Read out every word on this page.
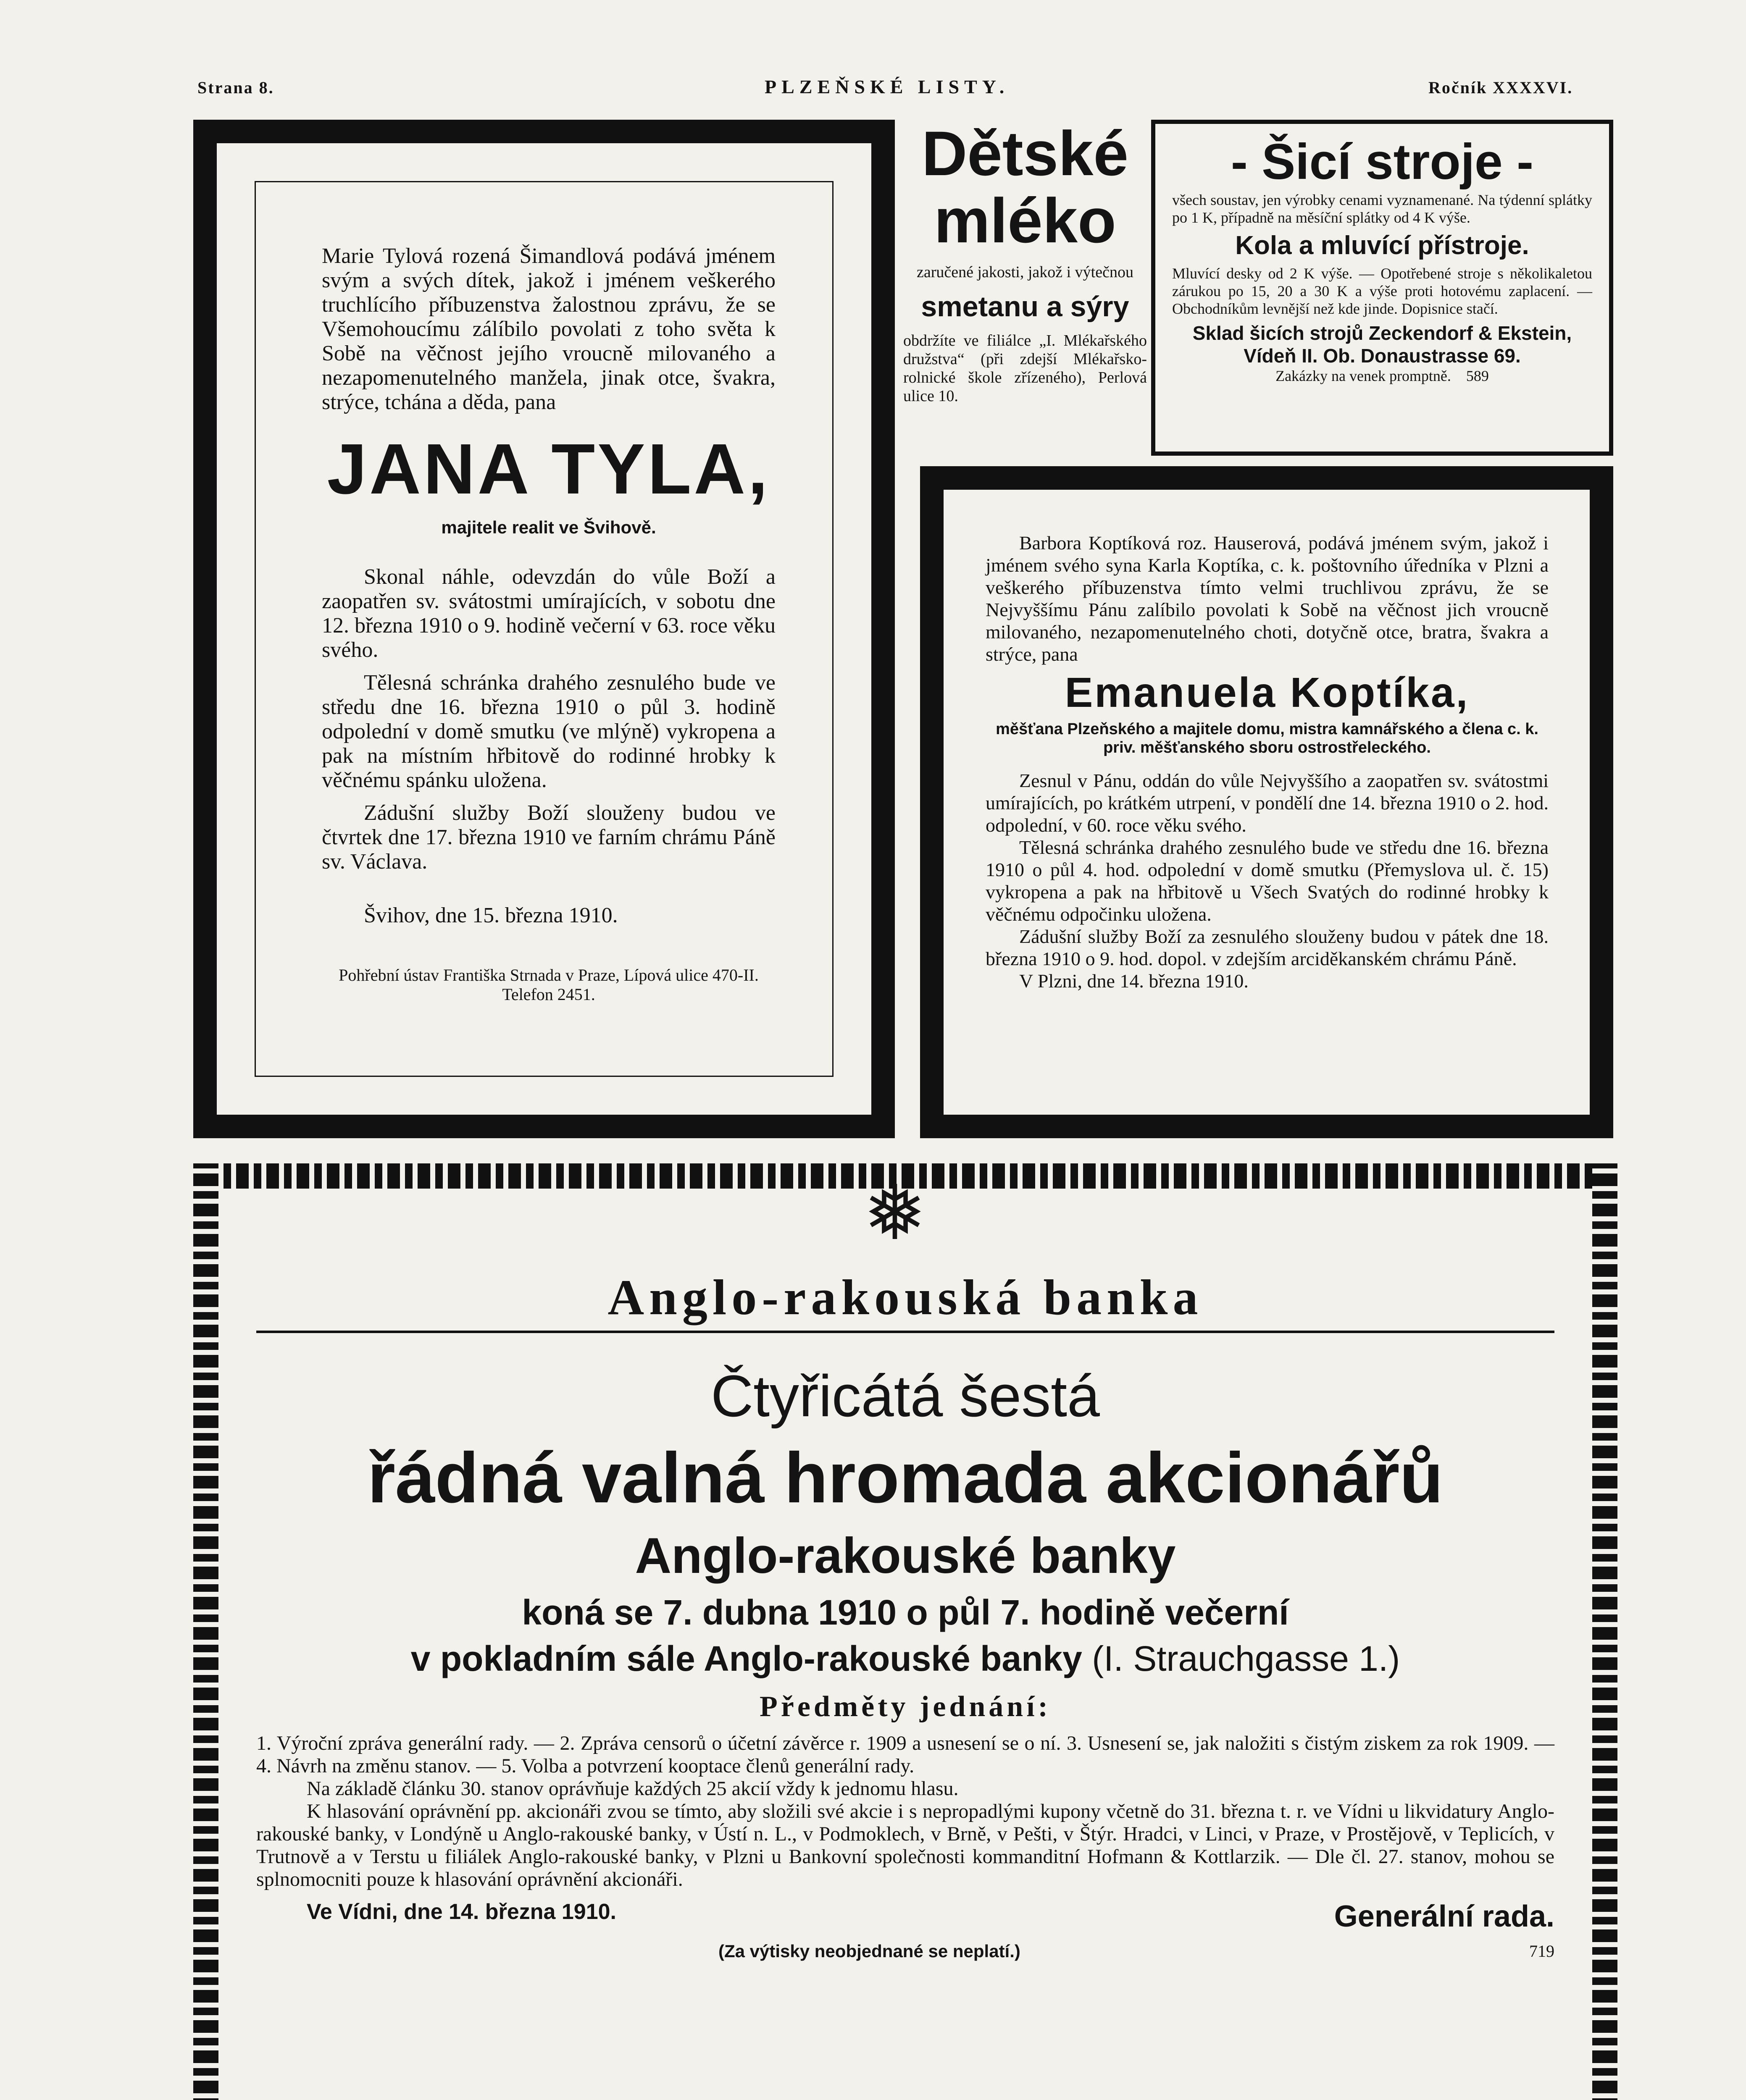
Strana 8.	PLZEŇSKÉ LISTY.	Ročník XXXXVI.

Marie Tylová rozená Šimandlová podává jménem svým a svých dítek, jakož i jménem veškerého truchlícího příbuzenstva žalostnou zprávu, že se Všemohoucímu zálíbilo povolati z toho světa k Sobě na věčnost jejího vroucně milovaného a nezapomenutelného manžela, jinak otce, švakra, strýce, tchána a děda, pana

JANA TYLA,

majitele realit ve Švihově.

Skonal náhle, odevzdán do vůle Boží a zaopatřen sv. svátostmi umírajících, v sobotu dne 12. března 1910 o 9. hodině večerní v 63. roce věku svého.

Tělesná schránka drahého zesnulého bude ve středu dne 16. března 1910 o půl 3. hodině odpolední v domě smutku (ve mlýně) vykropena a pak na místním hřbitově do rodinné hrobky k věčnému spánku uložena.

Zádušní služby Boží slouženy budou ve čtvrtek dne 17. března 1910 ve farním chrámu Páně sv. Václava.

Švihov, dne 15. března 1910.

Pohřební ústav Františka Strnada v Praze, Lípová ulice 470-II. Telefon 2451.

Dětské
mléko

zaručené jakosti, jakož i výtečnou

smetanu a sýry

obdržíte ve filiálce „I. Mlékařského družstva“ (při zdejší Mlékařsko-rolnické škole zřízeného), Perlová ulice 10.

- Šicí stroje -

všech soustav, jen výrobky cenami vyznamenané. Na týdenní splátky po 1 K, případně na měsíční splátky od 4 K výše.

Kola a mluvící přístroje.

Mluvící desky od 2 K výše. — Opotřebené stroje s několikaletou zárukou po 15, 20 a 30 K a výše proti hotovému zaplacení. — Obchodníkům levnější než kde jinde. Dopisnice stačí.

Sklad šicích strojů Zeckendorf & Ekstein,

Vídeň II. Ob. Donaustrasse 69.

Zakázky na venek promptně. 589

Barbora Koptíková roz. Hauserová, podává jménem svým, jakož i jménem svého syna Karla Koptíka, c. k. poštovního úředníka v Plzni a veškerého příbuzenstva tímto velmi truchlivou zprávu, že se Nejvyššímu Pánu zalíbilo povolati k Sobě na věčnost jich vroucně milovaného, nezapomenutelného choti, dotyčně otce, bratra, švakra a strýce, pana

Emanuela Koptíka,

měšťana Plzeňského a majitele domu, mistra kamnářského a člena c. k. priv. měšťanského sboru ostrostřeleckého.

Zesnul v Pánu, oddán do vůle Nejvyššího a zaopatřen sv. svátostmi umírajících, po krátkém utrpení, v pondělí dne 14. března 1910 o 2. hod. odpolední, v 60. roce věku svého.

Tělesná schránka drahého zesnulého bude ve středu dne 16. března 1910 o půl 4. hod. odpolední v domě smutku (Přemyslova ul. č. 15) vykropena a pak na hřbitově u Všech Svatých do rodinné hrobky k věčnému odpočinku uložena.

Zádušní služby Boží za zesnulého slouženy budou v pátek dne 18. března 1910 o 9. hod. dopol. v zdejším arciděkanském chrámu Páně.

V Plzni, dne 14. března 1910.

❅

Anglo-rakouská banka

Čtyřicátá šestá

řádná valná hromada akcionářů

Anglo-rakouské banky

koná se 7. dubna 1910 o půl 7. hodině večerní

v pokladním sále Anglo-rakouské banky (I. Strauchgasse 1.)

Předměty jednání:

1. Výroční zpráva generální rady. — 2. Zpráva censorů o účetní závěrce r. 1909 a usnesení se o ní. 3. Usnesení se, jak naložiti s čistým ziskem za rok 1909. — 4. Návrh na změnu stanov. — 5. Volba a potvrzení kooptace členů generální rady.

Na základě článku 30. stanov oprávňuje každých 25 akcií vždy k jednomu hlasu.

K hlasování oprávnění pp. akcionáři zvou se tímto, aby složili své akcie i s nepropadlými kupony včetně do 31. března t. r. ve Vídni u likvidatury Anglo-rakouské banky, v Londýně u Anglo-rakouské banky, v Ústí n. L., v Podmoklech, v Brně, v Pešti, v Štýr. Hradci, v Linci, v Praze, v Prostějově, v Teplicích, v Trutnově a v Terstu u filiálek Anglo-rakouské banky, v Plzni u Bankovní společnosti kommanditní Hofmann & Kottlarzik. — Dle čl. 27. stanov, mohou se splnomocniti pouze k hlasování oprávnění akcionáři.

Ve Vídni, dne 14. března 1910.	Generální rada.
(Za výtisky neobjednané se neplatí.)	719
